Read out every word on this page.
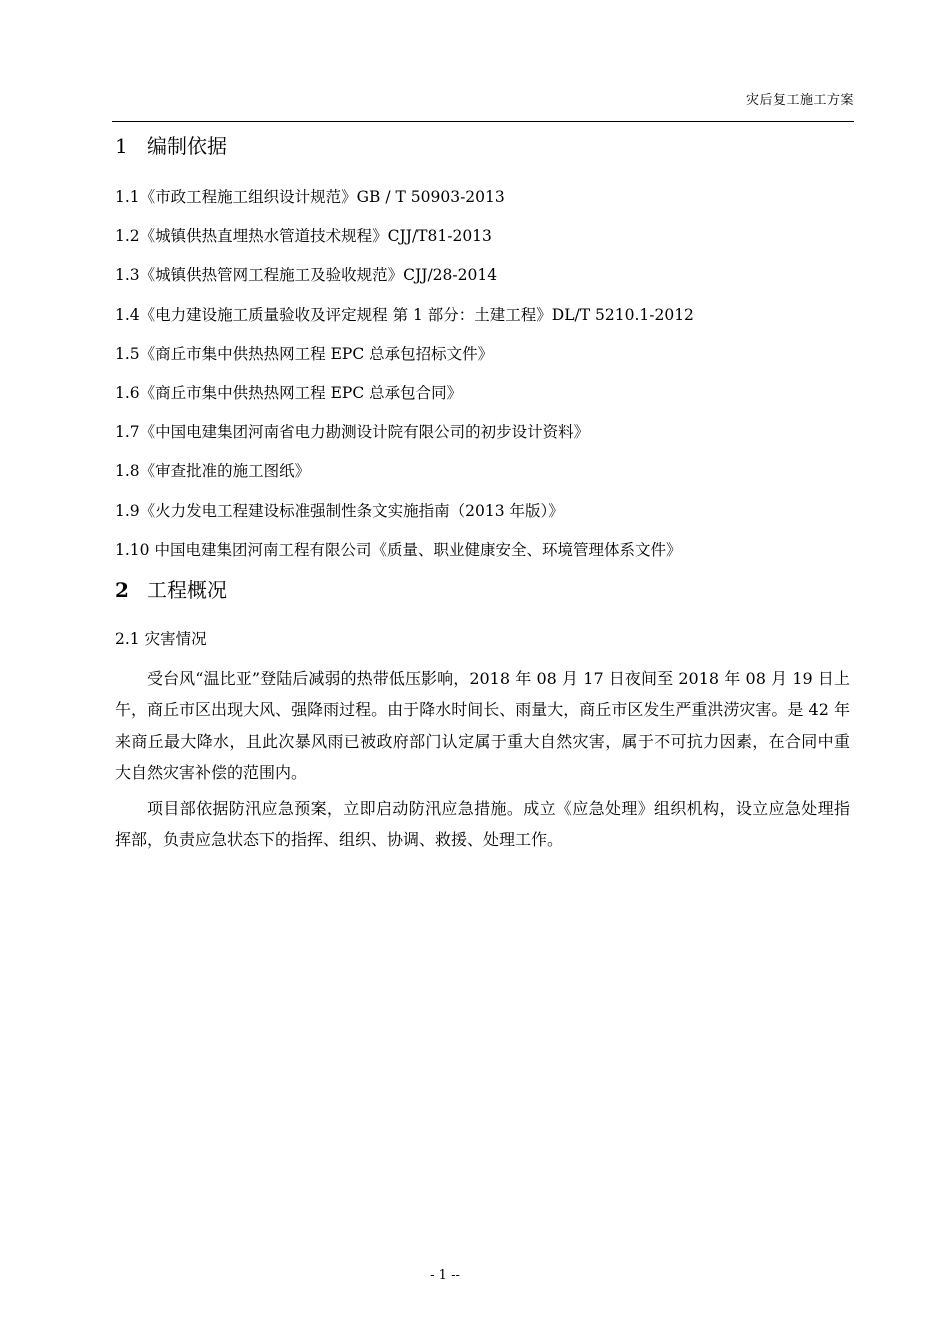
灾后复工施工方案
1 编制依据
1.1《市政工程施工组织设计规范》GB / T 50903-2013
1.2《城镇供热直埋热水管道技术规程》CJJ/T81-2013
1.3《城镇供热管网工程施工及验收规范》CJJ/28-2014
1.4《电力建设施工质量验收及评定规程 第 1 部分：土建工程》DL/T 5210.1-2012
1.5《商丘市集中供热热网工程 EPC 总承包招标文件》
1.6《商丘市集中供热热网工程 EPC 总承包合同》
1.7《中国电建集团河南省电力勘测设计院有限公司的初步设计资料》
1.8《审查批准的施工图纸》
1.9《火力发电工程建设标准强制性条文实施指南（2013 年版）》
1.10 中国电建集团河南工程有限公司《质量、职业健康安全、环境管理体系文件》
2 工程概况
2.1 灾害情况

受台风“温比亚”登陆后减弱的热带低压影响，2018 年 08 月 17 日夜间至 2018 年 08 月 19 日上午，商丘市区出现大风、强降雨过程。由于降水时间长、雨量大，商丘市区发生严重洪涝灾害。是 42 年来商丘最大降水，且此次暴风雨已被政府部门认定属于重大自然灾害，属于不可抗力因素，在合同中重大自然灾害补偿的范围内。

项目部依据防汛应急预案，立即启动防汛应急措施。成立《应急处理》组织机构，设立应急处理指挥部，负责应急状态下的指挥、组织、协调、救援、处理工作。

- 1 --
